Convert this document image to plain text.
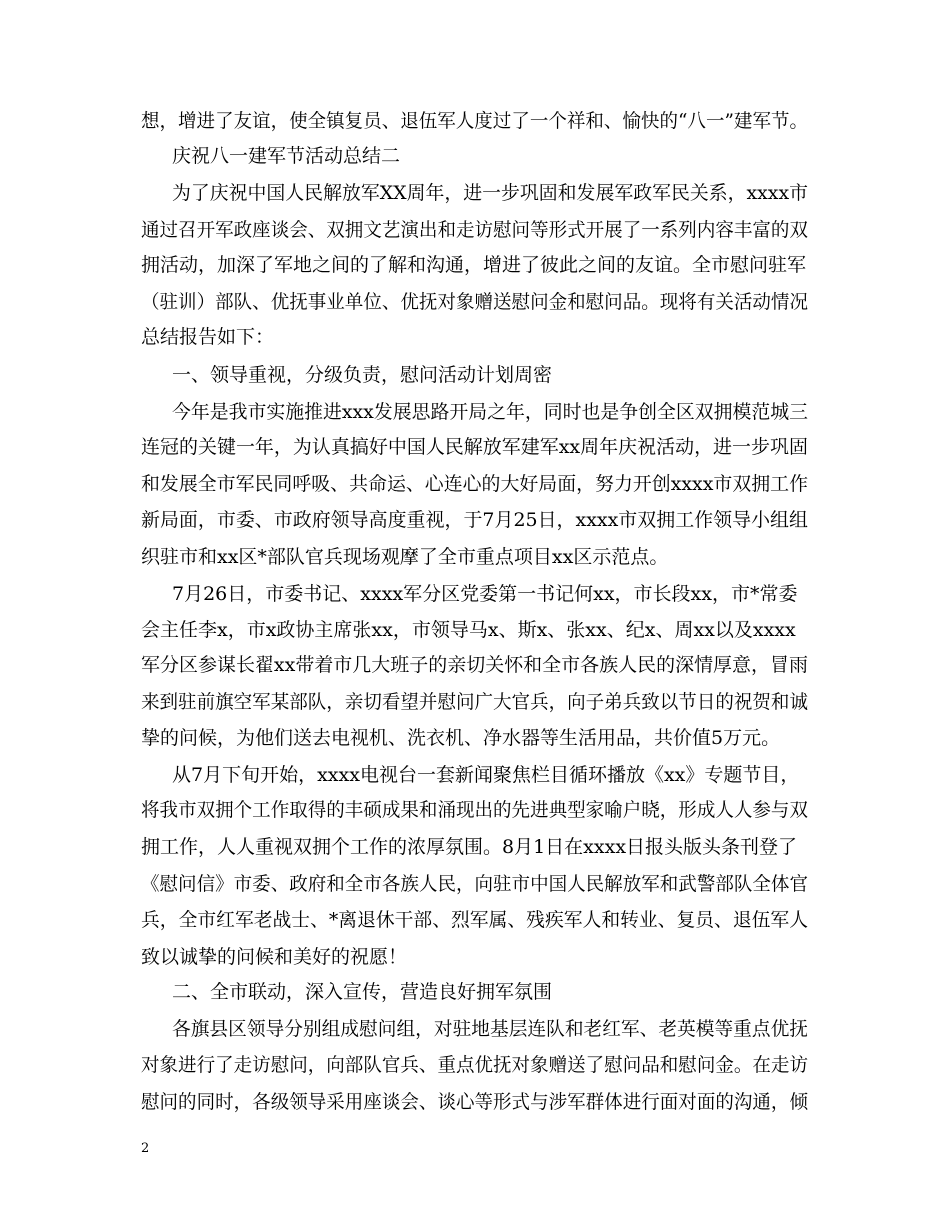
想，增进了友谊，使全镇复员、退伍军人度过了一个祥和、愉快的“八一”建军节。
庆祝八一建军节活动总结二
为了庆祝中国人民解放军XX周年，进一步巩固和发展军政军民关系，xxxx市
通过召开军政座谈会、双拥文艺演出和走访慰问等形式开展了一系列内容丰富的双
拥活动，加深了军地之间的了解和沟通，增进了彼此之间的友谊。全市慰问驻军
（驻训）部队、优抚事业单位、优抚对象赠送慰问金和慰问品。现将有关活动情况
总结报告如下：
一、领导重视，分级负责，慰问活动计划周密
今年是我市实施推进xxx发展思路开局之年，同时也是争创全区双拥模范城三
连冠的关键一年，为认真搞好中国人民解放军建军xx周年庆祝活动，进一步巩固
和发展全市军民同呼吸、共命运、心连心的大好局面，努力开创xxxx市双拥工作
新局面，市委、市政府领导高度重视，于7月25日，xxxx市双拥工作领导小组组
织驻市和xx区*部队官兵现场观摩了全市重点项目xx区示范点。
7月26日，市委书记、xxxx军分区党委第一书记何xx，市长段xx，市*常委
会主任李x，市x政协主席张xx，市领导马x、斯x、张xx、纪x、周xx以及xxxx
军分区参谋长翟xx带着市几大班子的亲切关怀和全市各族人民的深情厚意，冒雨
来到驻前旗空军某部队，亲切看望并慰问广大官兵，向子弟兵致以节日的祝贺和诚
挚的问候，为他们送去电视机、洗衣机、净水器等生活用品，共价值5万元。
从7月下旬开始，xxxx电视台一套新闻聚焦栏目循环播放《xx》专题节目，
将我市双拥个工作取得的丰硕成果和涌现出的先进典型家喻户晓，形成人人参与双
拥工作，人人重视双拥个工作的浓厚氛围。8月1日在xxxx日报头版头条刊登了
《慰问信》市委、政府和全市各族人民，向驻市中国人民解放军和武警部队全体官
兵，全市红军老战士、*离退休干部、烈军属、残疾军人和转业、复员、退伍军人
致以诚挚的问候和美好的祝愿！
二、全市联动，深入宣传，营造良好拥军氛围
各旗县区领导分别组成慰问组，对驻地基层连队和老红军、老英模等重点优抚
对象进行了走访慰问，向部队官兵、重点优抚对象赠送了慰问品和慰问金。在走访
慰问的同时，各级领导采用座谈会、谈心等形式与涉军群体进行面对面的沟通，倾
2
